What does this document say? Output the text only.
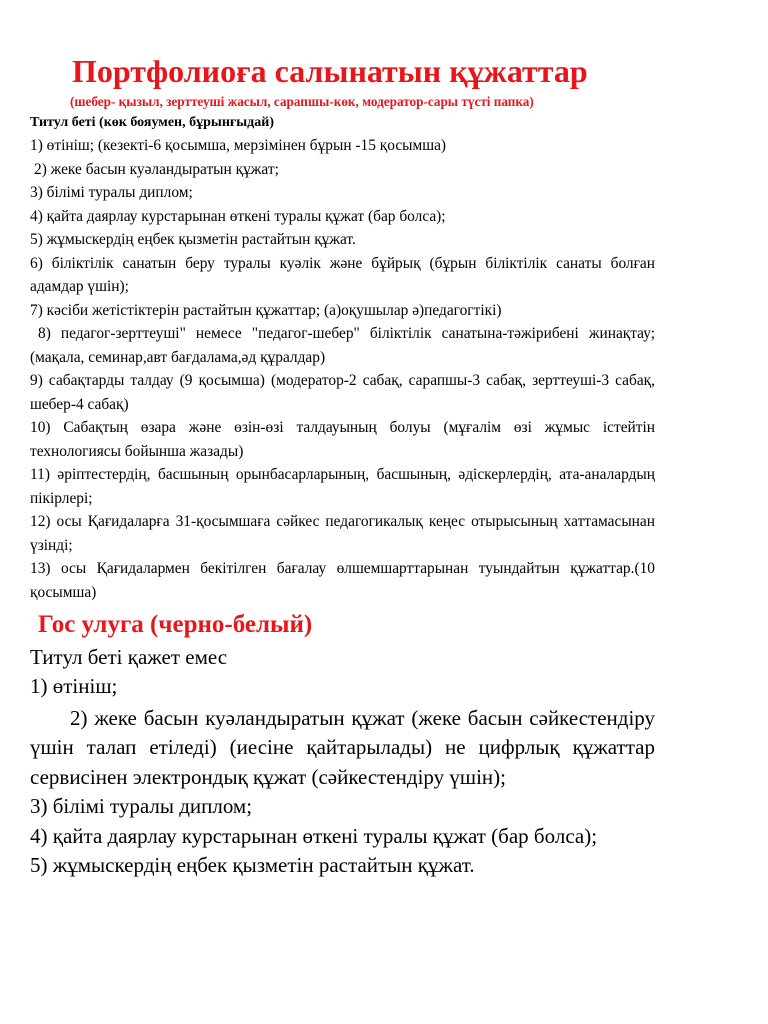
Портфолиоға салынатын құжаттар

(шебер- қызыл, зерттеуші жасыл, сарапшы-көк, модератор-сары түсті папка)

Титул беті (көк бояумен, бұрынғыдай)

1) өтініш; (кезекті-6 қосымша, мерзімінен бұрын -15 қосымша)

2) жеке басын куәландыратын құжат;

3) білімі туралы диплом;

4) қайта даярлау курстарынан өткені туралы құжат (бар болса);

5) жұмыскердің еңбек қызметін растайтын құжат.

6) біліктілік санатын беру туралы куәлік және бұйрық (бұрын біліктілік санаты болған адамдар үшін);

7) кәсіби жетістіктерін растайтын құжаттар; (а)оқушылар ә)педагогтікі)

8) педагог-зерттеуші" немесе "педагог-шебер" біліктілік санатына-тәжірибені жинақтау; (мақала, семинар,авт бағдалама,әд құралдар)

9) сабақтарды талдау (9 қосымша) (модератор-2 сабақ, сарапшы-3 сабақ, зерттеуші-3 сабақ, шебер-4 сабақ)

10) Сабақтың өзара және өзін-өзі талдауының болуы (мұғалім өзі жұмыс істейтін технологиясы бойынша жазады)

11) әріптестердің, басшының орынбасарларының, басшының, әдіскерлердің, ата-аналардың пікірлері;

12) осы Қағидаларға 31-қосымшаға сәйкес педагогикалық кеңес отырысының хаттамасынан үзінді;

13) осы Қағидалармен бекітілген бағалау өлшемшарттарынан туындайтын құжаттар.(10 қосымша)

Гос улуга (черно-белый)

Титул беті қажет емес

1) өтініш;

2) жеке басын куәландыратын құжат (жеке басын сәйкестендіру үшін талап етіледі) (иесіне қайтарылады) не цифрлық құжаттар сервисінен электрондық құжат (сәйкестендіру үшін);

3) білімі туралы диплом;

4) қайта даярлау курстарынан өткені туралы құжат (бар болса);

5) жұмыскердің еңбек қызметін растайтын құжат.
